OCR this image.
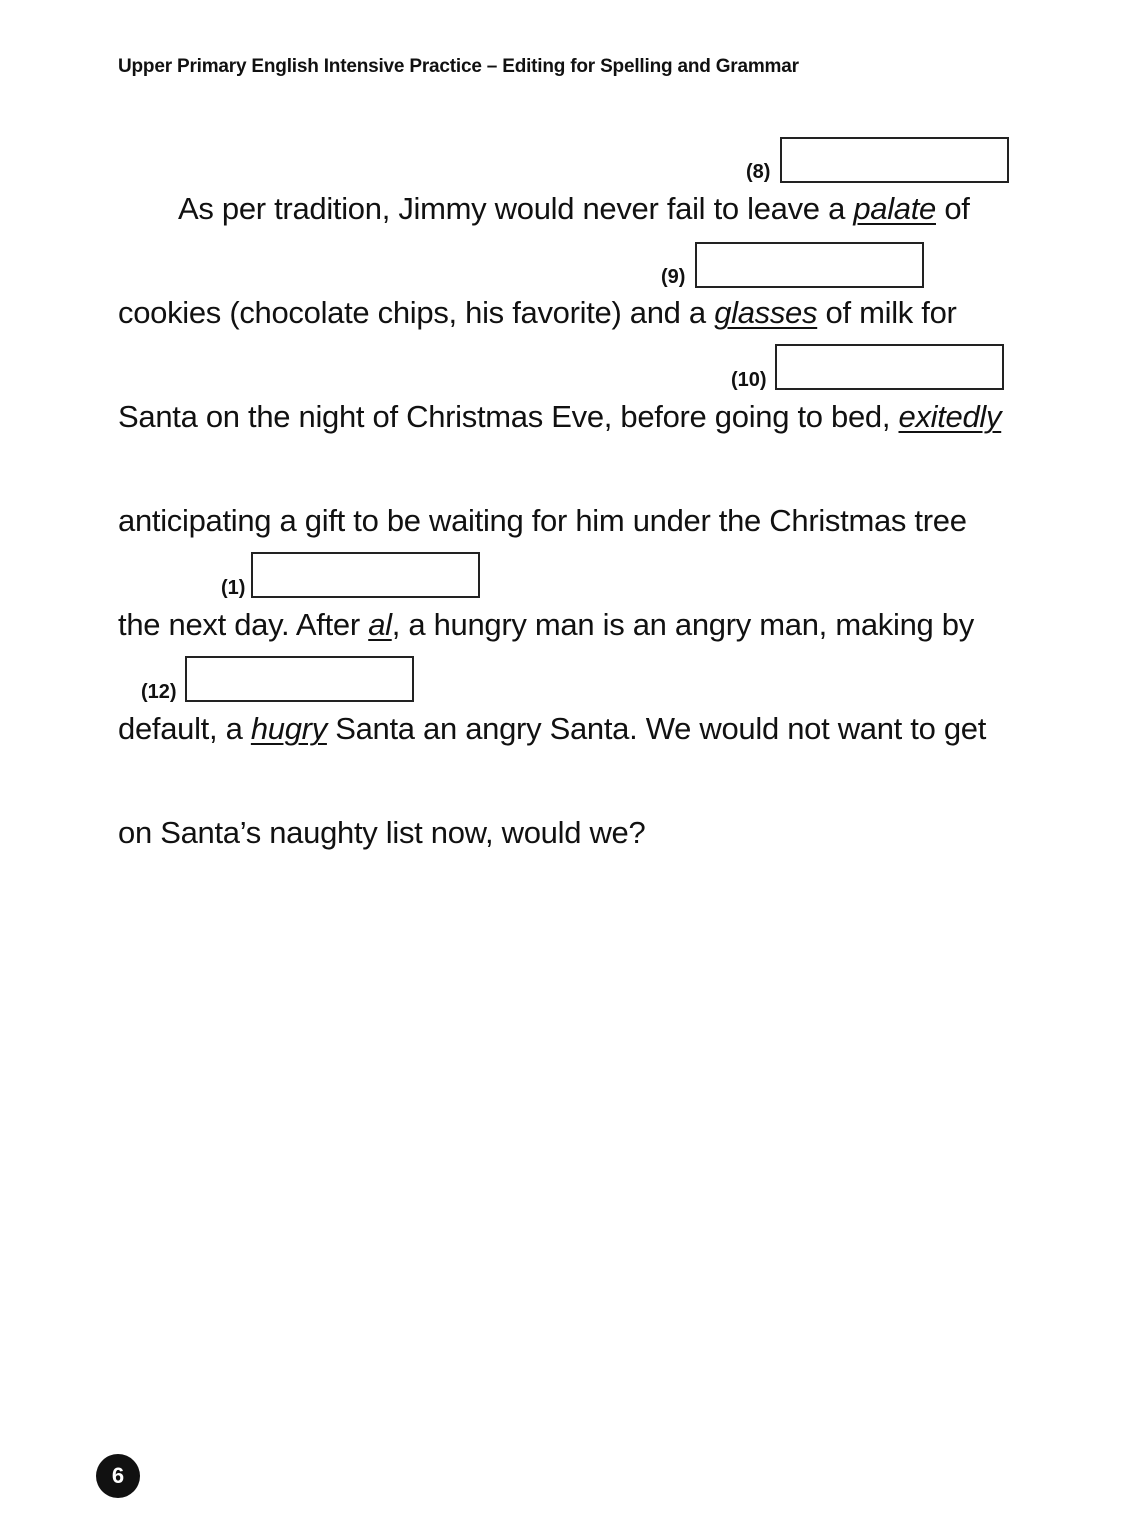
Upper Primary English Intensive Practice – Editing for Spelling and Grammar
(8)
As per tradition, Jimmy would never fail to leave a palate of
(9)
cookies (chocolate chips, his favorite) and a glasses of milk for
(10)
Santa on the night of Christmas Eve, before going to bed, exitedly
anticipating a gift to be waiting for him under the Christmas tree
(1)
the next day. After al, a hungry man is an angry man, making by
(12)
default, a hugry Santa an angry Santa. We would not want to get
on Santa’s naughty list now, would we?
6
